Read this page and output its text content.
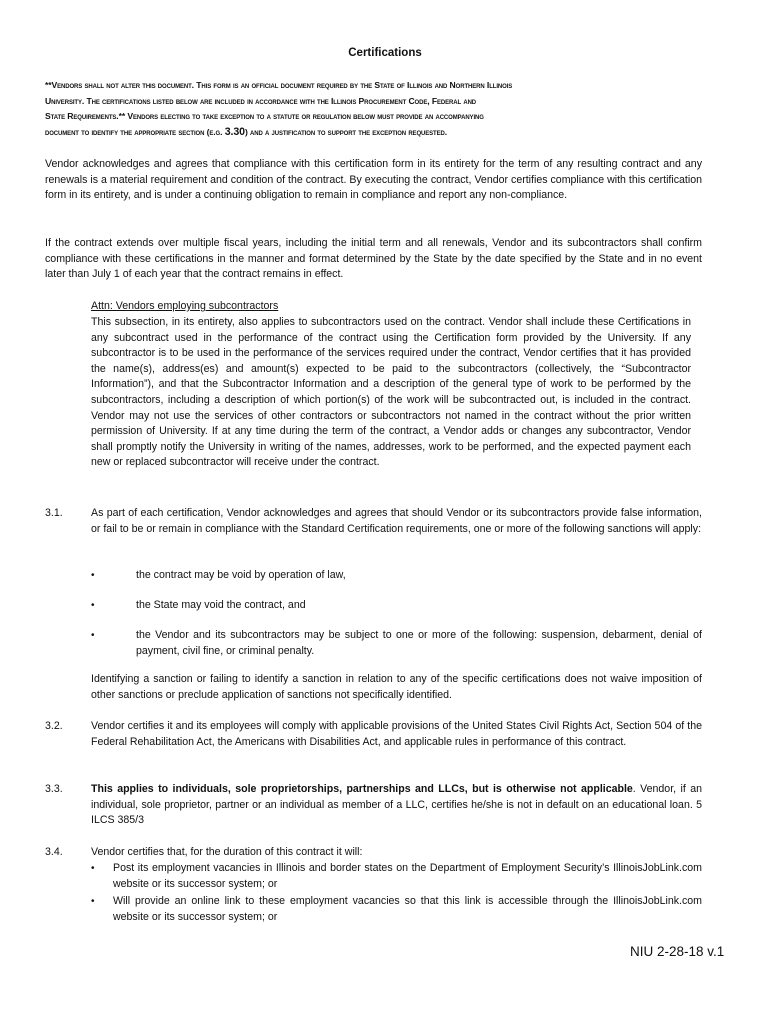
Certifications
**Vendors shall not alter this document. This form is an official document required by the State of Illinois and Northern Illinois
University. The certifications listed below are included in accordance with the Illinois Procurement Code, Federal and
State Requirements.** Vendors electing to take exception to a statute or regulation below must provide an accompanying
document to identify the appropriate section (e.g. 3.30) and a justification to support the exception requested.

Vendor acknowledges and agrees that compliance with this certification form in its entirety for the term of any resulting contract and any renewals is a material requirement and condition of the contract. By executing the contract, Vendor certifies compliance with this certification form in its entirety, and is under a continuing obligation to remain in compliance and report any non-compliance.

If the contract extends over multiple fiscal years, including the initial term and all renewals, Vendor and its subcontractors shall confirm compliance with these certifications in the manner and format determined by the State by the date specified by the State and in no event later than July 1 of each year that the contract remains in effect.

Attn: Vendors employing subcontractors

This subsection, in its entirety, also applies to subcontractors used on the contract. Vendor shall include these Certifications in any subcontract used in the performance of the contract using the Certification form provided by the University. If any subcontractor is to be used in the performance of the services required under the contract, Vendor certifies that it has provided the name(s), address(es) and amount(s) expected to be paid to the subcontractors (collectively, the “Subcontractor Information”), and that the Subcontractor Information and a description of the general type of work to be performed by the subcontractors, including a description of which portion(s) of the work will be subcontracted out, is included in the contract. Vendor may not use the services of other contractors or subcontractors not named in the contract without the prior written permission of University. If at any time during the term of the contract, a Vendor adds or changes any subcontractor, Vendor shall promptly notify the University in writing of the names, addresses, work to be performed, and the expected payment each new or replaced subcontractor will receive under the contract.

3.1.	As part of each certification, Vendor acknowledges and agrees that should Vendor or its subcontractors provide false information, or fail to be or remain in compliance with the Standard Certification requirements, one or more of the following sanctions will apply:

•	the contract may be void by operation of law,

•	the State may void the contract, and

•	the Vendor and its subcontractors may be subject to one or more of the following: suspension, debarment, denial of payment, civil fine, or criminal penalty.

Identifying a sanction or failing to identify a sanction in relation to any of the specific certifications does not waive imposition of other sanctions or preclude application of sanctions not specifically identified.

3.2.	Vendor certifies it and its employees will comply with applicable provisions of the United States Civil Rights Act, Section 504 of the Federal Rehabilitation Act, the Americans with Disabilities Act, and applicable rules in performance of this contract.

3.3.	This applies to individuals, sole proprietorships, partnerships and LLCs, but is otherwise not applicable. Vendor, if an individual, sole proprietor, partner or an individual as member of a LLC, certifies he/she is not in default on an educational loan. 5 ILCS 385/3

3.4.	Vendor certifies that, for the duration of this contract it will:

• Post its employment vacancies in Illinois and border states on the Department of Employment Security’s IllinoisJobLink.com website or its successor system; or

• Will provide an online link to these employment vacancies so that this link is accessible through the IllinoisJobLink.com website or its successor system; or

NIU 2-28-18 v.1
